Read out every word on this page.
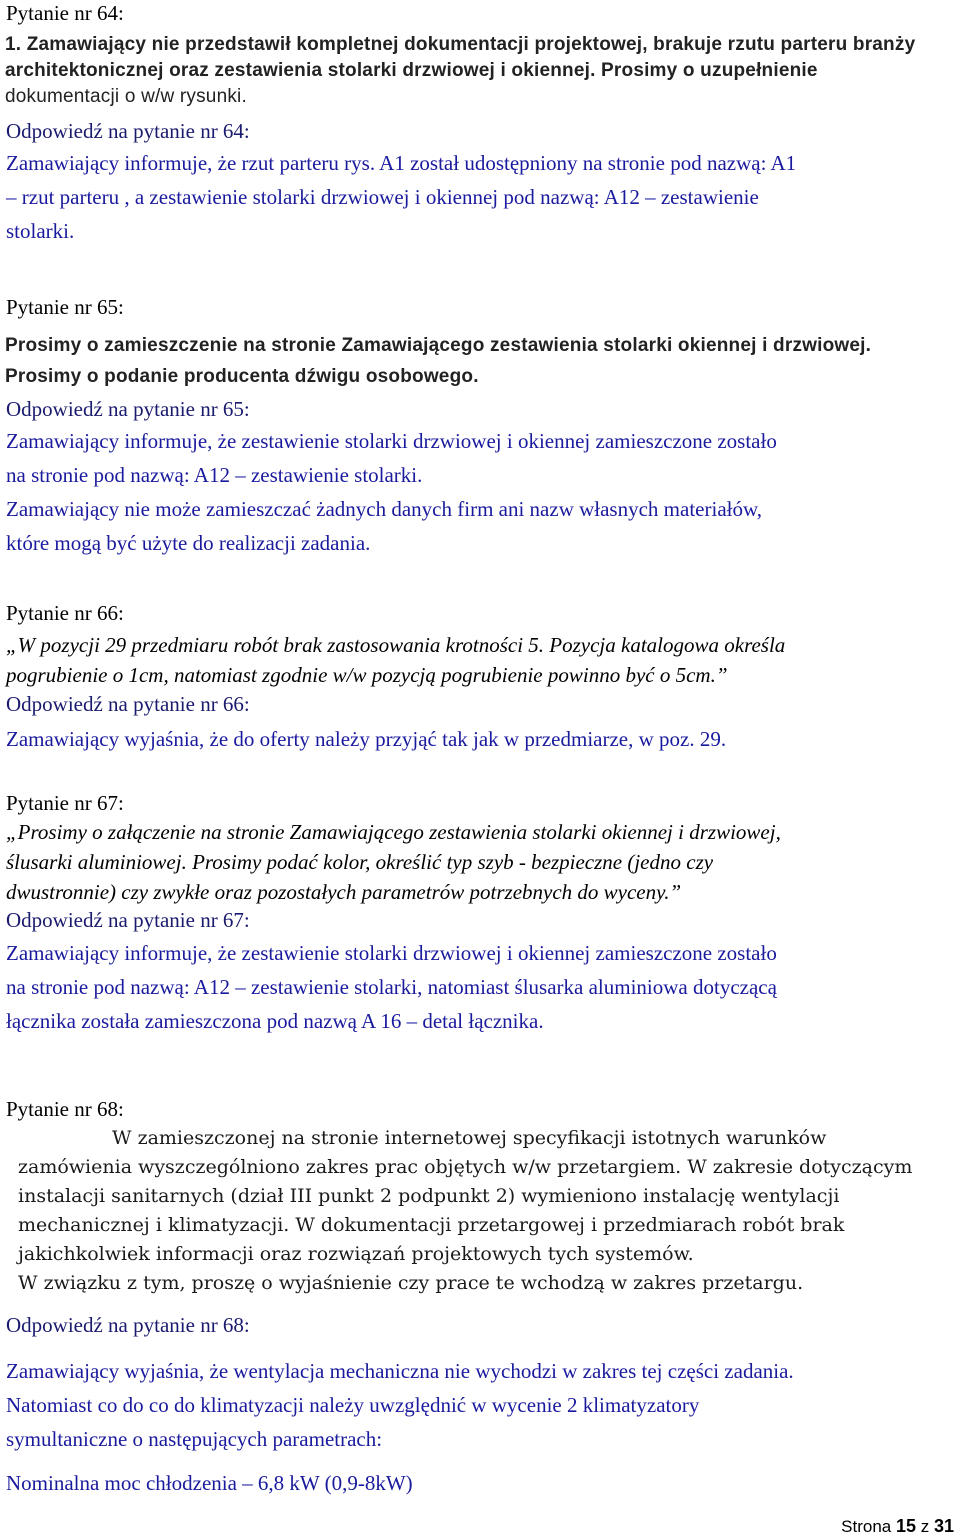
Pytanie nr 64:

1. Zamawiający nie przedstawił kompletnej dokumentacji projektowej, brakuje rzutu parteru branży

architektonicznej oraz zestawienia stolarki drzwiowej i okiennej. Prosimy o uzupełnienie

dokumentacji o w/w rysunki.

Odpowiedź na pytanie nr 64:

Zamawiający informuje, że rzut parteru rys. A1 został udostępniony na stronie pod nazwą: A1

– rzut parteru , a zestawienie stolarki drzwiowej i okiennej pod nazwą: A12 – zestawienie

stolarki.

Pytanie nr 65:

Prosimy o zamieszczenie na stronie Zamawiającego zestawienia stolarki okiennej i drzwiowej.

Prosimy o podanie producenta dźwigu osobowego.

Odpowiedź na pytanie nr 65:

Zamawiający informuje, że zestawienie stolarki drzwiowej i okiennej zamieszczone zostało

na stronie pod nazwą: A12 – zestawienie stolarki.

Zamawiający nie może zamieszczać żadnych danych firm ani nazw własnych materiałów,

które mogą być użyte do realizacji zadania.

Pytanie nr 66:

„W pozycji 29 przedmiaru robót brak zastosowania krotności 5. Pozycja katalogowa określa

pogrubienie o 1cm, natomiast zgodnie w/w pozycją pogrubienie powinno być o 5cm.”

Odpowiedź na pytanie nr 66:

Zamawiający wyjaśnia, że do oferty należy przyjąć tak jak w przedmiarze, w poz. 29.

Pytanie nr 67:

„Prosimy o załączenie na stronie Zamawiającego zestawienia stolarki okiennej i drzwiowej,

ślusarki aluminiowej. Prosimy podać kolor, określić typ szyb - bezpieczne (jedno czy

dwustronnie) czy zwykłe oraz pozostałych parametrów potrzebnych do wyceny.”

Odpowiedź na pytanie nr 67:

Zamawiający informuje, że zestawienie stolarki drzwiowej i okiennej zamieszczone zostało

na stronie pod nazwą: A12 – zestawienie stolarki, natomiast ślusarka aluminiowa dotyczącą

łącznika została zamieszczona pod nazwą A 16 – detal łącznika.

Pytanie nr 68:

W zamieszczonej na stronie internetowej specyfikacji istotnych warunków

zamówienia wyszczególniono zakres prac objętych w/w przetargiem. W zakresie dotyczącym

instalacji sanitarnych (dział III punkt 2 podpunkt 2) wymieniono instalację wentylacji

mechanicznej i klimatyzacji. W dokumentacji przetargowej i przedmiarach robót brak

jakichkolwiek informacji oraz rozwiązań projektowych tych systemów.

W związku z tym, proszę o wyjaśnienie czy prace te wchodzą w zakres przetargu.

Odpowiedź na pytanie nr 68:

Zamawiający wyjaśnia, że wentylacja mechaniczna nie wychodzi w zakres tej części zadania.

Natomiast co do co do klimatyzacji należy uwzględnić w wycenie 2 klimatyzatory

symultaniczne o następujących parametrach:

Nominalna moc chłodzenia – 6,8 kW (0,9-8kW)
Strona 15 z 31
